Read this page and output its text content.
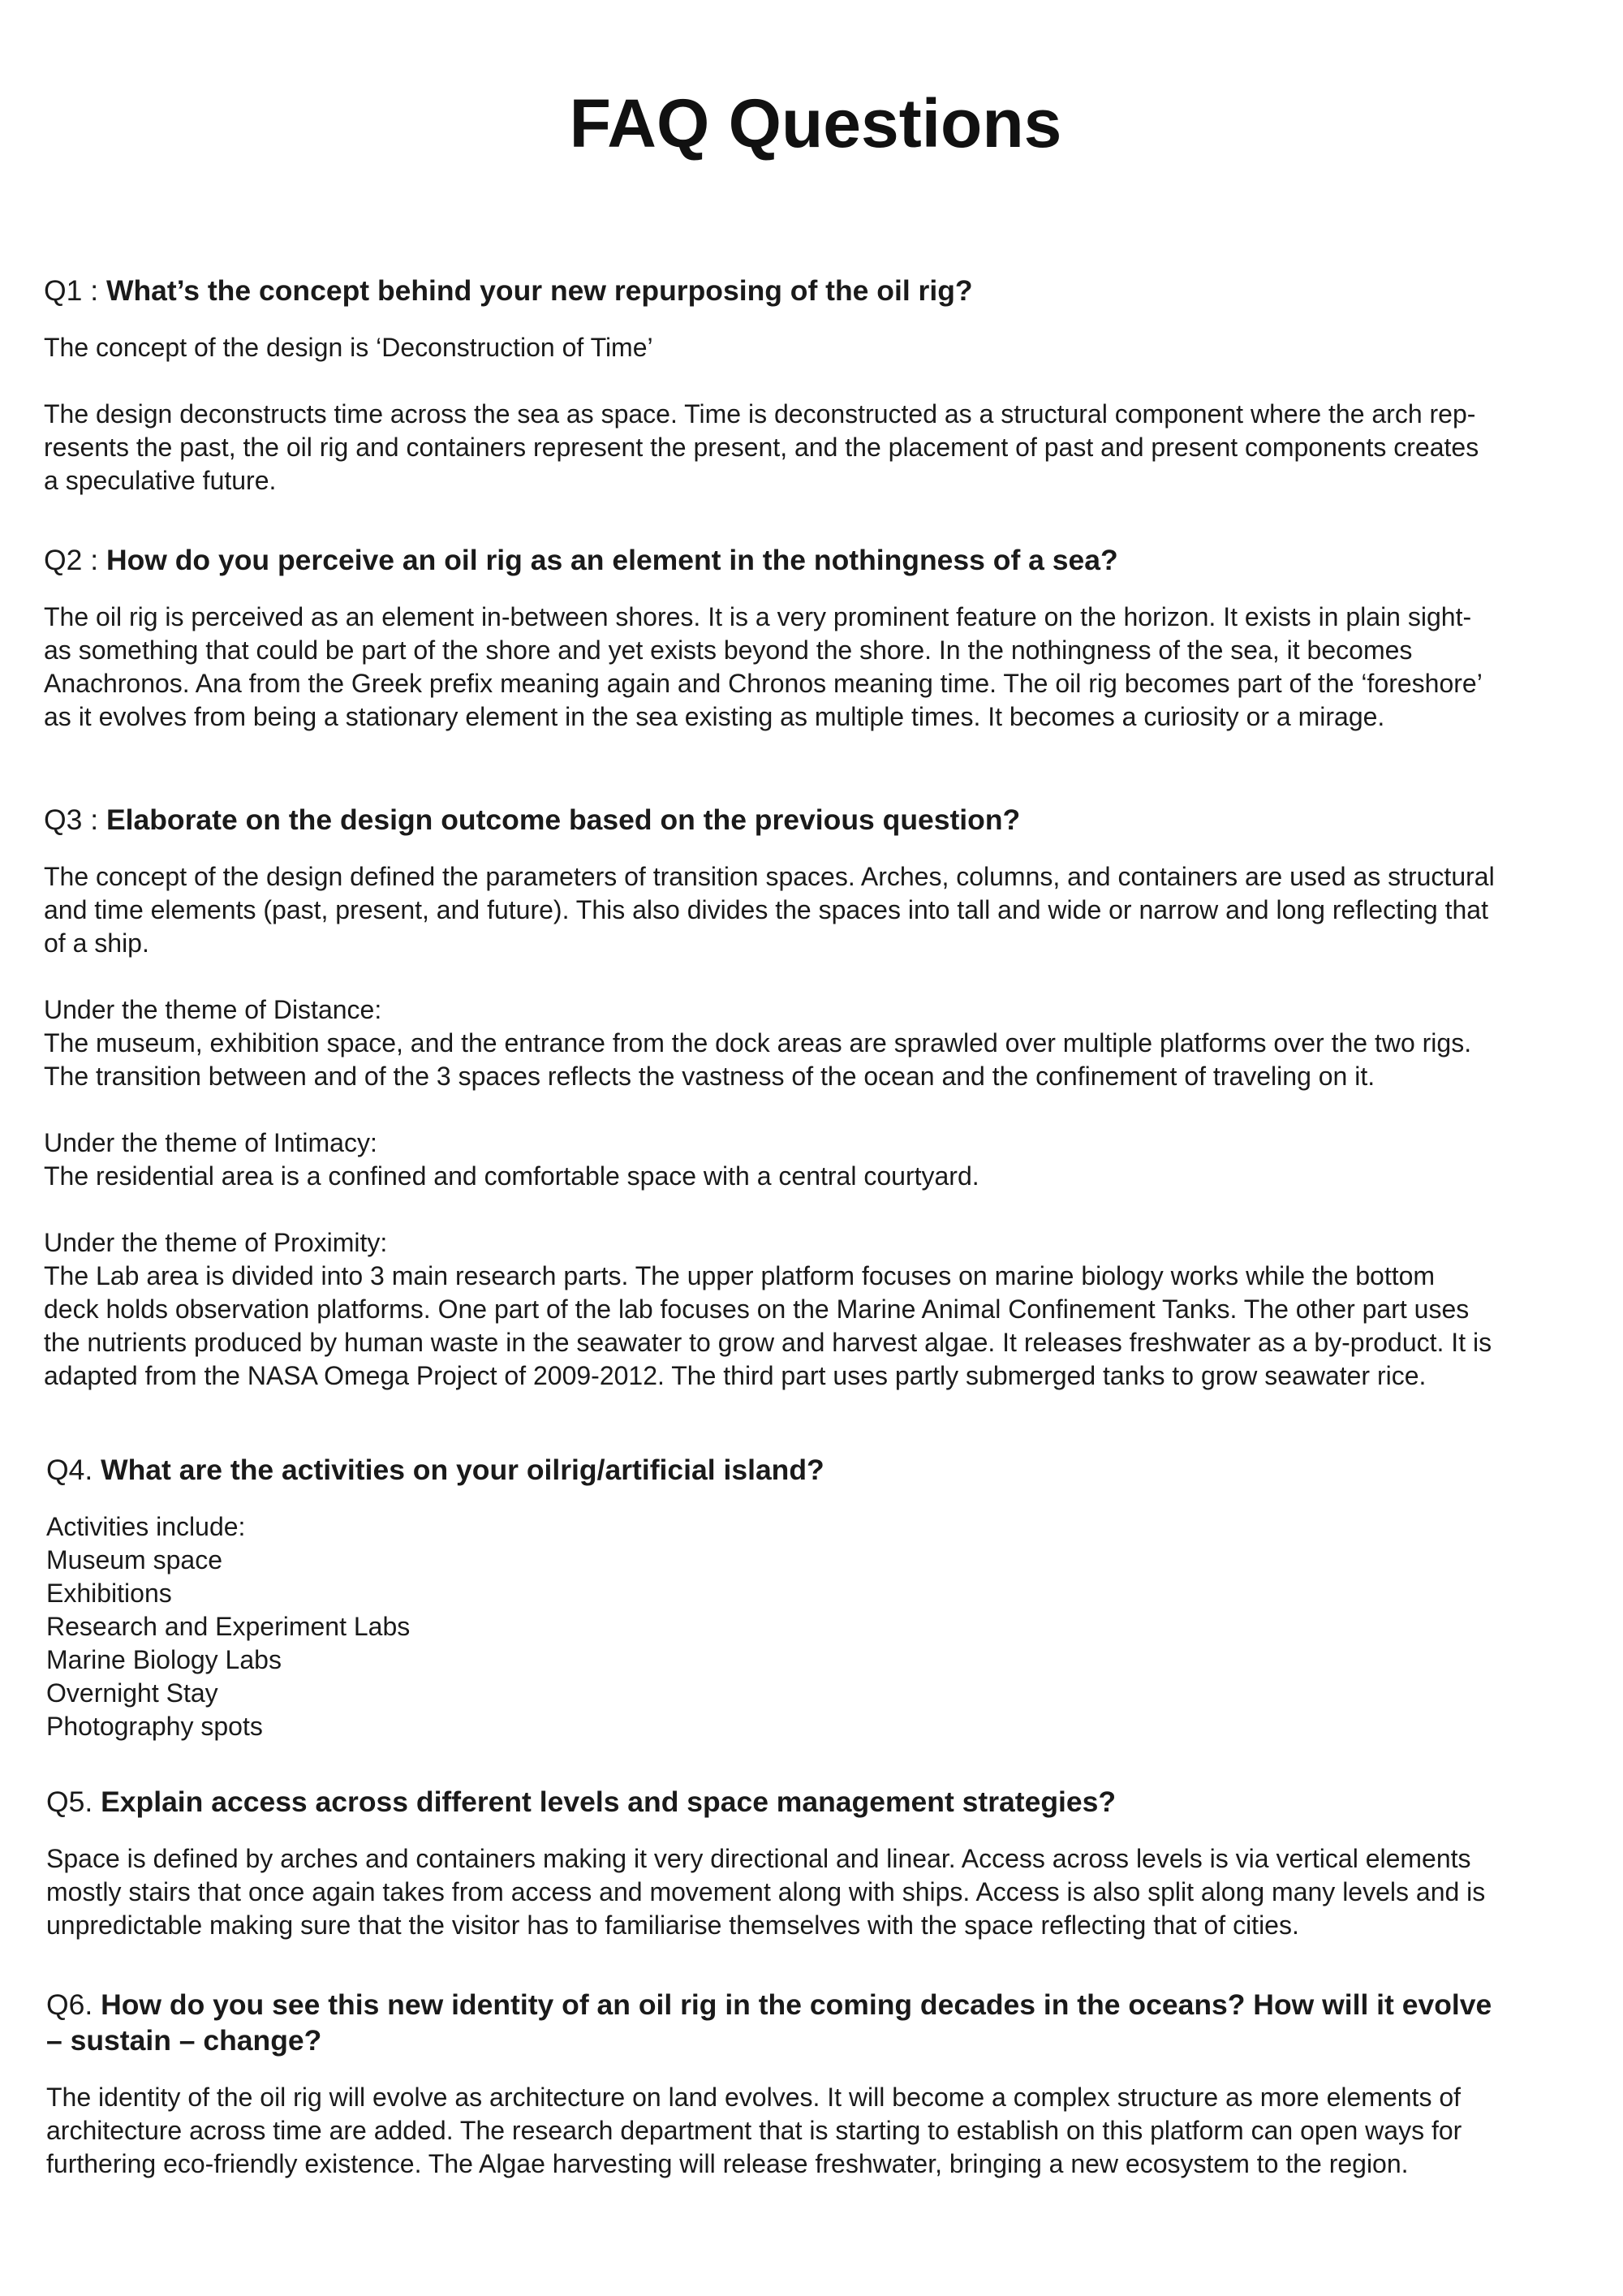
FAQ Questions

Q1 : What’s the concept behind your new repurposing of the oil rig?

The concept of the design is ‘Deconstruction of Time’

The design deconstructs time across the sea as space. Time is deconstructed as a structural component where the arch rep-
resents the past, the oil rig and containers represent the present, and the placement of past and present components creates
a speculative future.

Q2 : How do you perceive an oil rig as an element in the nothingness of a sea?

The oil rig is perceived as an element in-between shores. It is a very prominent feature on the horizon. It exists in plain sight-
as something that could be part of the shore and yet exists beyond the shore. In the nothingness of the sea, it becomes
Anachronos. Ana from the Greek prefix meaning again and Chronos meaning time. The oil rig becomes part of the ‘foreshore’
as it evolves from being a stationary element in the sea existing as multiple times. It becomes a curiosity or a mirage.

Q3 : Elaborate on the design outcome based on the previous question?

The concept of the design defined the parameters of transition spaces. Arches, columns, and containers are used as structural
and time elements (past, present, and future). This also divides the spaces into tall and wide or narrow and long reflecting that
of a ship.

Under the theme of Distance:
The museum, exhibition space, and the entrance from the dock areas are sprawled over multiple platforms over the two rigs.
The transition between and of the 3 spaces reflects the vastness of the ocean and the confinement of traveling on it.

Under the theme of Intimacy:
The residential area is a confined and comfortable space with a central courtyard.

Under the theme of Proximity:
The Lab area is divided into 3 main research parts. The upper platform focuses on marine biology works while the bottom
deck holds observation platforms. One part of the lab focuses on the Marine Animal Confinement Tanks. The other part uses
the nutrients produced by human waste in the seawater to grow and harvest algae. It releases freshwater as a by-product. It is
adapted from the NASA Omega Project of 2009-2012. The third part uses partly submerged tanks to grow seawater rice.

Q4. What are the activities on your oilrig/artificial island?

Activities include:

Museum space
Exhibitions
Research and Experiment Labs
Marine Biology Labs
Overnight Stay
Photography spots

Q5. Explain access across different levels and space management strategies?

Space is defined by arches and containers making it very directional and linear. Access across levels is via vertical elements
mostly stairs that once again takes from access and movement along with ships. Access is also split along many levels and is
unpredictable making sure that the visitor has to familiarise themselves with the space reflecting that of cities.

Q6. How do you see this new identity of an oil rig in the coming decades in the oceans? How will it evolve
– sustain – change?

The identity of the oil rig will evolve as architecture on land evolves. It will become a complex structure as more elements of
architecture across time are added. The research department that is starting to establish on this platform can open ways for
furthering eco-friendly existence. The Algae harvesting will release freshwater, bringing a new ecosystem to the region.
